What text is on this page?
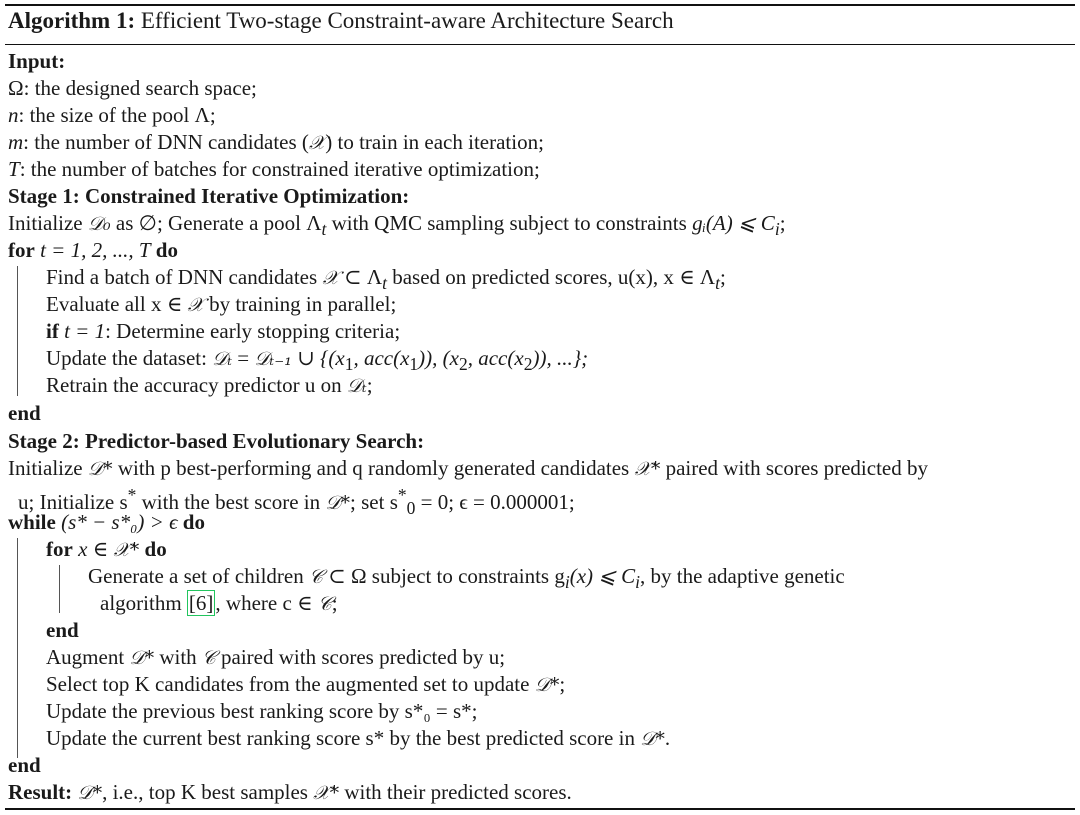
Algorithm 1: Efficient Two-stage Constraint-aware Architecture Search
Input:
Ω: the designed search space;
n: the size of the pool Λ;
m: the number of DNN candidates (𝒳) to train in each iteration;
T: the number of batches for constrained iterative optimization;
Stage 1: Constrained Iterative Optimization:
Initialize 𝒟₀ as ∅; Generate a pool $\Lambda_t$ with QMC sampling subject to constraints gᵢ(A) ⩽ $C_i$;
for t = 1, 2, ..., T do
Find a batch of DNN candidates 𝒳 ⊂ $\Lambda_t$ based on predicted scores, u(x), x ∈ $\Lambda_t$;
Evaluate all x ∈ 𝒳 by training in parallel;
if t = 1: Determine early stopping criteria;
Update the dataset: 𝒟ₜ = 𝒟ₜ₋₁ ∪ {($x_1$, $acc(x_1)$), ($x_2$, $acc(x_2)$), ...};
Retrain the accuracy predictor u on 𝒟ₜ;
end
Stage 2: Predictor-based Evolutionary Search:
Initialize 𝒟* with p best-performing and q randomly generated candidates 𝒳* paired with scores predicted by
u; Initialize s* with the best score in 𝒟*; set $s^*_0 = 0$; ϵ = 0.000001;
while (s* − s*₀) > ϵ do
for x ∈ 𝒳* do
Generate a set of children 𝒞 ⊂ Ω subject to constraints $g_i(x)$ ⩽ $C_i$, by the adaptive genetic
algorithm [6], where c ∈ 𝒞;
end
Augment 𝒟* with 𝒞 paired with scores predicted by u;
Select top K candidates from the augmented set to update 𝒟*;
Update the previous best ranking score by s*₀ = s*;
Update the current best ranking score s* by the best predicted score in 𝒟*.
end
Result: 𝒟*, i.e., top K best samples 𝒳* with their predicted scores.
